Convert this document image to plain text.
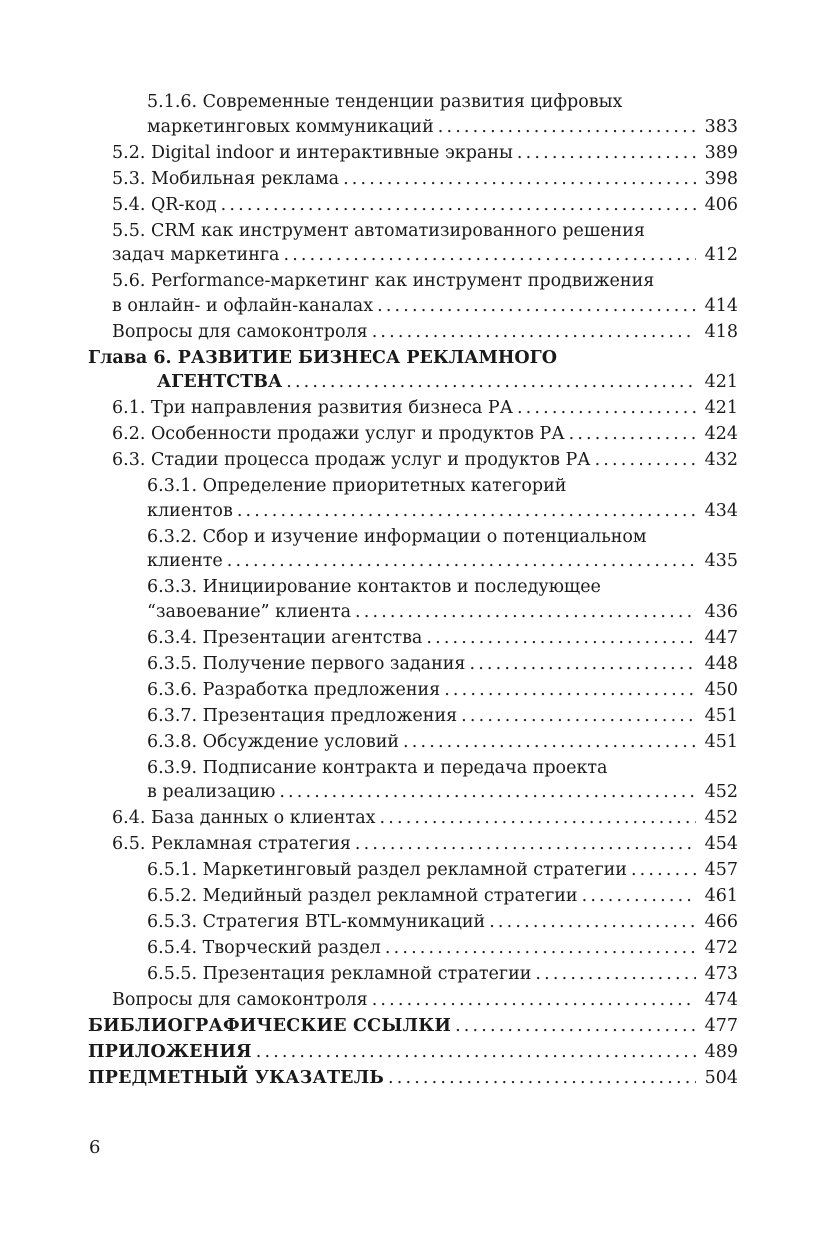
5.1.6. Современные тенденции развития цифровых
маркетинговых коммуникаций . . .	383
5.2. Digital indoor и интерактивные экраны . . .	389
5.3. Мобильная реклама . . .	398
5.4. QR-код . . .	406
5.5. CRM как инструмент автоматизированного решения
задач маркетинга . . .	412
5.6. Performance-маркетинг как инструмент продвижения
в онлайн- и офлайн-каналах . . .	414
Вопросы для самоконтроля . . .	418
Глава 6. РАЗВИТИЕ БИЗНЕСА РЕКЛАМНОГО
АГЕНТСТВА . . .	421
6.1. Три направления развития бизнеса РА . . .	421
6.2. Особенности продажи услуг и продуктов РА . . .	424
6.3. Стадии процесса продаж услуг и продуктов РА . . .	432
6.3.1. Определение приоритетных категорий
клиентов . . .	434
6.3.2. Сбор и изучение информации о потенциальном
клиенте . . .	435
6.3.3. Инициирование контактов и последующее
“завоевание” клиента . . .	436
6.3.4. Презентации агентства . . .	447
6.3.5. Получение первого задания . . .	448
6.3.6. Разработка предложения . . .	450
6.3.7. Презентация предложения . . .	451
6.3.8. Обсуждение условий . . .	451
6.3.9. Подписание контракта и передача проекта
в реализацию . . .	452
6.4. База данных о клиентах . . .	452
6.5. Рекламная стратегия . . .	454
6.5.1. Маркетинговый раздел рекламной стратегии . . .	457
6.5.2. Медийный раздел рекламной стратегии . . .	461
6.5.3. Стратегия BTL-коммуникаций . . .	466
6.5.4. Творческий раздел . . .	472
6.5.5. Презентация рекламной стратегии . . .	473
Вопросы для самоконтроля . . .	474
БИБЛИОГРАФИЧЕСКИЕ ССЫЛКИ . . .	477
ПРИЛОЖЕНИЯ . . .	489
ПРЕДМЕТНЫЙ УКАЗАТЕЛЬ . . .	504
6
